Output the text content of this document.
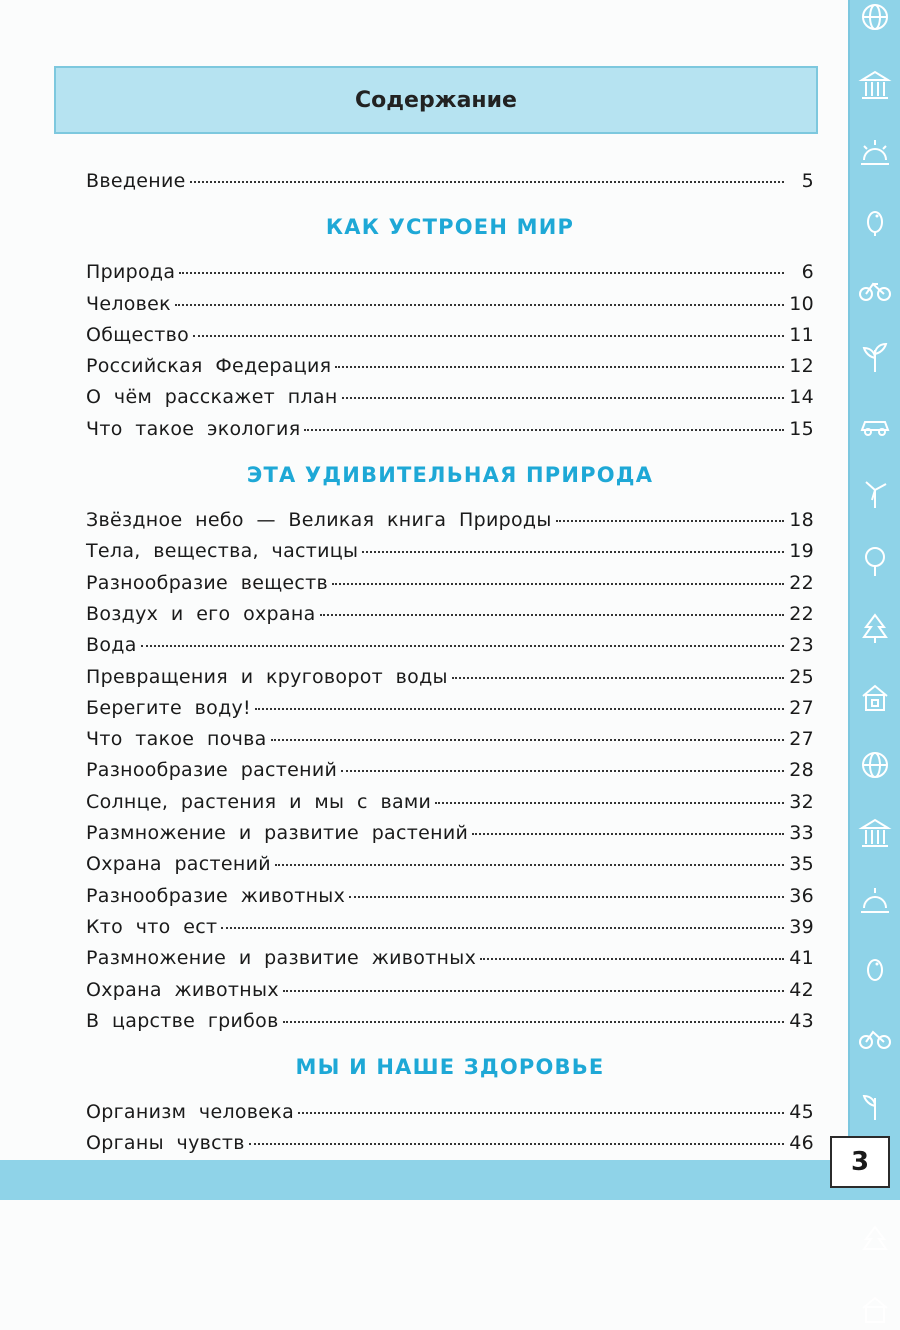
3
Содержание
Введение	5
КАК УСТРОЕН МИР
Природа	6
Человек	10
Общество	11
Российская  Федерация	12
О  чём  расскажет  план	14
Что  такое  экология	15
ЭТА УДИВИТЕЛЬНАЯ ПРИРОДА
Звёздное  небо  —  Великая  книга  Природы	18
Тела,  вещества,  частицы	19
Разнообразие  веществ	22
Воздух  и  его  охрана	22
Вода	23
Превращения  и  круговорот  воды	25
Берегите  воду!	27
Что  такое  почва	27
Разнообразие  растений	28
Солнце,  растения  и  мы  с  вами	32
Размножение  и  развитие  растений	33
Охрана  растений	35
Разнообразие  животных	36
Кто  что  ест	39
Размножение  и  развитие  животных	41
Охрана  животных	42
В  царстве  грибов	43
МЫ И НАШЕ ЗДОРОВЬЕ
Организм  человека	45
Органы  чувств	46
